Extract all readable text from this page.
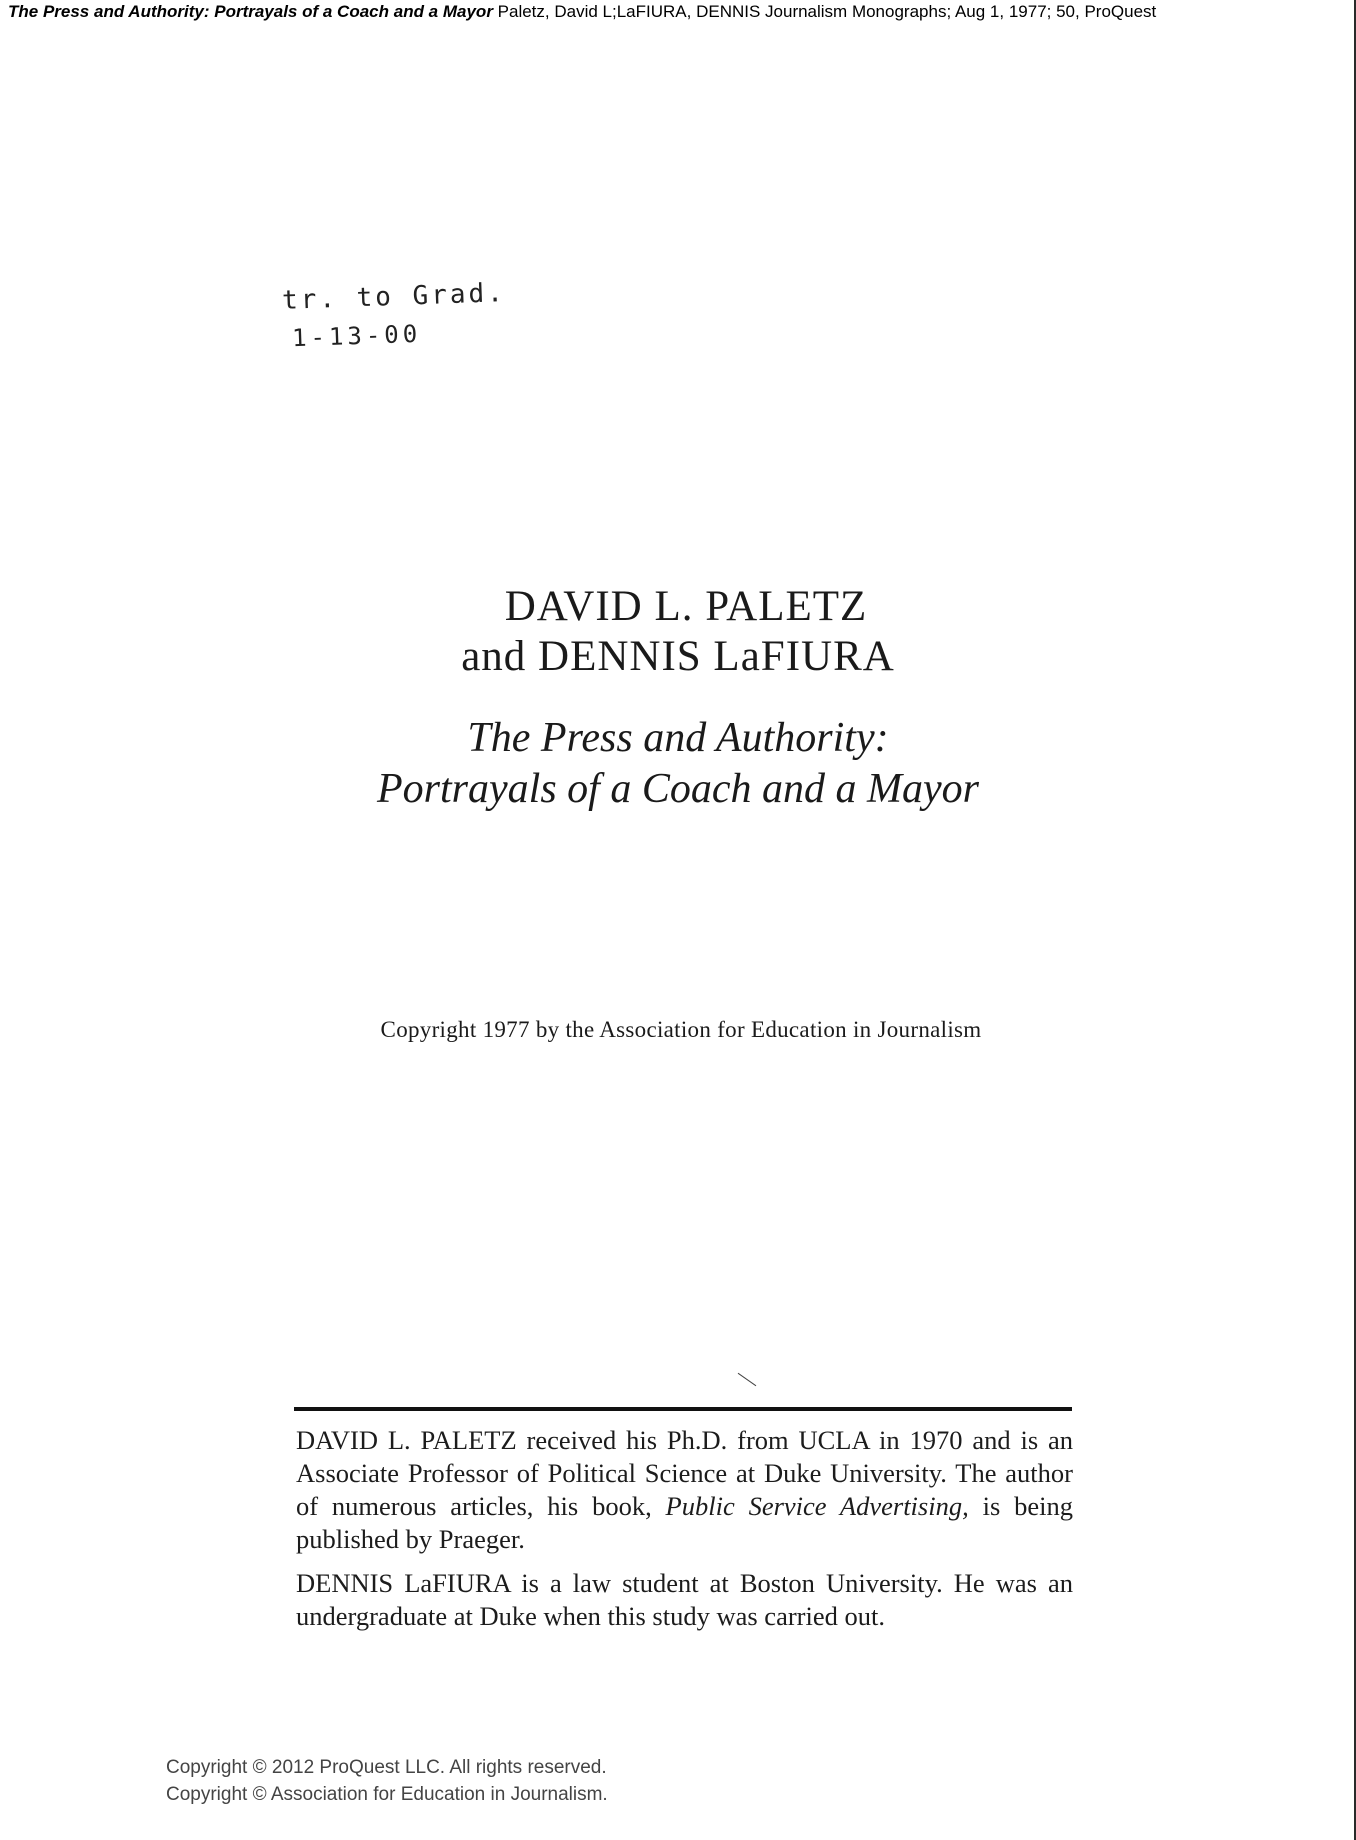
The Press and Authority: Portrayals of a Coach and a Mayor Paletz, David L;LaFIURA, DENNIS Journalism Monographs; Aug 1, 1977; 50, ProQuest
tr. to Grad.
1-13-00
DAVID L. PALETZ
and DENNIS LaFIURA
The Press and Authority:
Portrayals of a Coach and a Mayor
Copyright 1977 by the Association for Education in Journalism
DAVID L. PALETZ received his Ph.D. from UCLA in 1970 and is an Associate Professor of Political Science at Duke University. The author of numerous articles, his book, Public Service Advertising, is being published by Praeger.
DENNIS LaFIURA is a law student at Boston University. He was an undergraduate at Duke when this study was carried out.
Copyright © 2012 ProQuest LLC. All rights reserved.
Copyright © Association for Education in Journalism.
